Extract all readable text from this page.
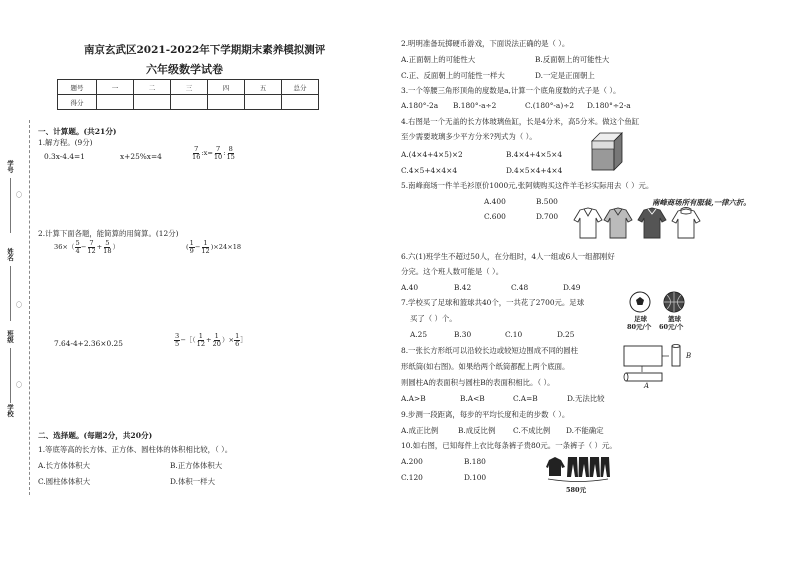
学号
姓名
班级
学校
〇
〇
〇
南京玄武区2021-2022年下学期期末素养模拟测评
六年级数学试卷
题号	一	二	三	四	五	总分
得分						
一、计算题。(共21分)
1.解方程。(9分)
0.3x-4.4=1	x+25%x=4	$\frac{7}{16}$ :x= $\frac{7}{10}$ : $\frac{8}{15}$
2.计算下面各题，能简算的用简算。(12分)
$36\times( \frac{5}{4} - \frac{7}{12} + \frac{5}{18}$ ）	( $\frac{1}{9} - \frac{1}{12} )\times 24\times 18$
7.64-4+2.36×0.25	$\frac{3}{5}$ −［（ $\frac{1}{12} + \frac{1}{20}$ ）× $\frac{1}{6}$ ］
二、选择题。(每题2分，共20分)
1.等底等高的长方体、正方体、圆柱体的体积相比较，（ ）。
A.长方体体积大	B.正方体体积大
C.圆柱体体积大	D.体积一样大
2.明明准备玩掷硬币游戏，下面说法正确的是（ ）。
A.正面朝上的可能性大	B.反面朝上的可能性大
C.正、反面朝上的可能性一样大	D.一定是正面朝上
3.一个等腰三角形顶角的度数是a,计算一个底角度数的式子是（ ）。
A.180°-2a B.180°-a÷2	C.(180°-a)÷2 D.180°÷2-a
4.右图是一个无盖的长方体玻璃鱼缸，长是4分米，高5分米。做这个鱼缸
至少需要玻璃多少平方分米?列式为（ ）。
A.(4×4+4×5)×2	B.4×4+4×5×4
C.4×5+4×4×4	D.4×5×4+4×4
5.南峰商场一件羊毛衫原价1000元,张阿姨购买这件羊毛衫实际用去（ ）元。
A.400	B.500
C.600	D.700
南峰商场所有服装,一律六折。
6.六(1)班学生不超过50人，在分组时，4人一组或6人一组都刚好
分完。这个班人数可能是（ ）。
A.40	B.42	C.48	D.49
7.学校买了足球和篮球共40个，一共花了2700元。足球
买了（ ）个。
A.25	B.30	C.10	D.25
足球	篮球
80元/个 60元/个
8.一张长方形纸可以沿较长边或较短边围成不同的圆柱
形纸筒(如右图)。如果给两个纸筒都配上两个底面。
则圆柱A的表面积与圆柱B的表面积相比。（ ）。
B
A
A.A>B	B.A<B	C.A=B	D.无法比较
9.步测一段距离，每步的平均长度和走的步数（ ）。
A.成正比例	B.成反比例 C.不成比例 D.不能确定
10.如右图，已知每件上衣比每条裤子贵80元。一条裤子（ ）元。
A.200	B.180
C.120	D.100
580元
